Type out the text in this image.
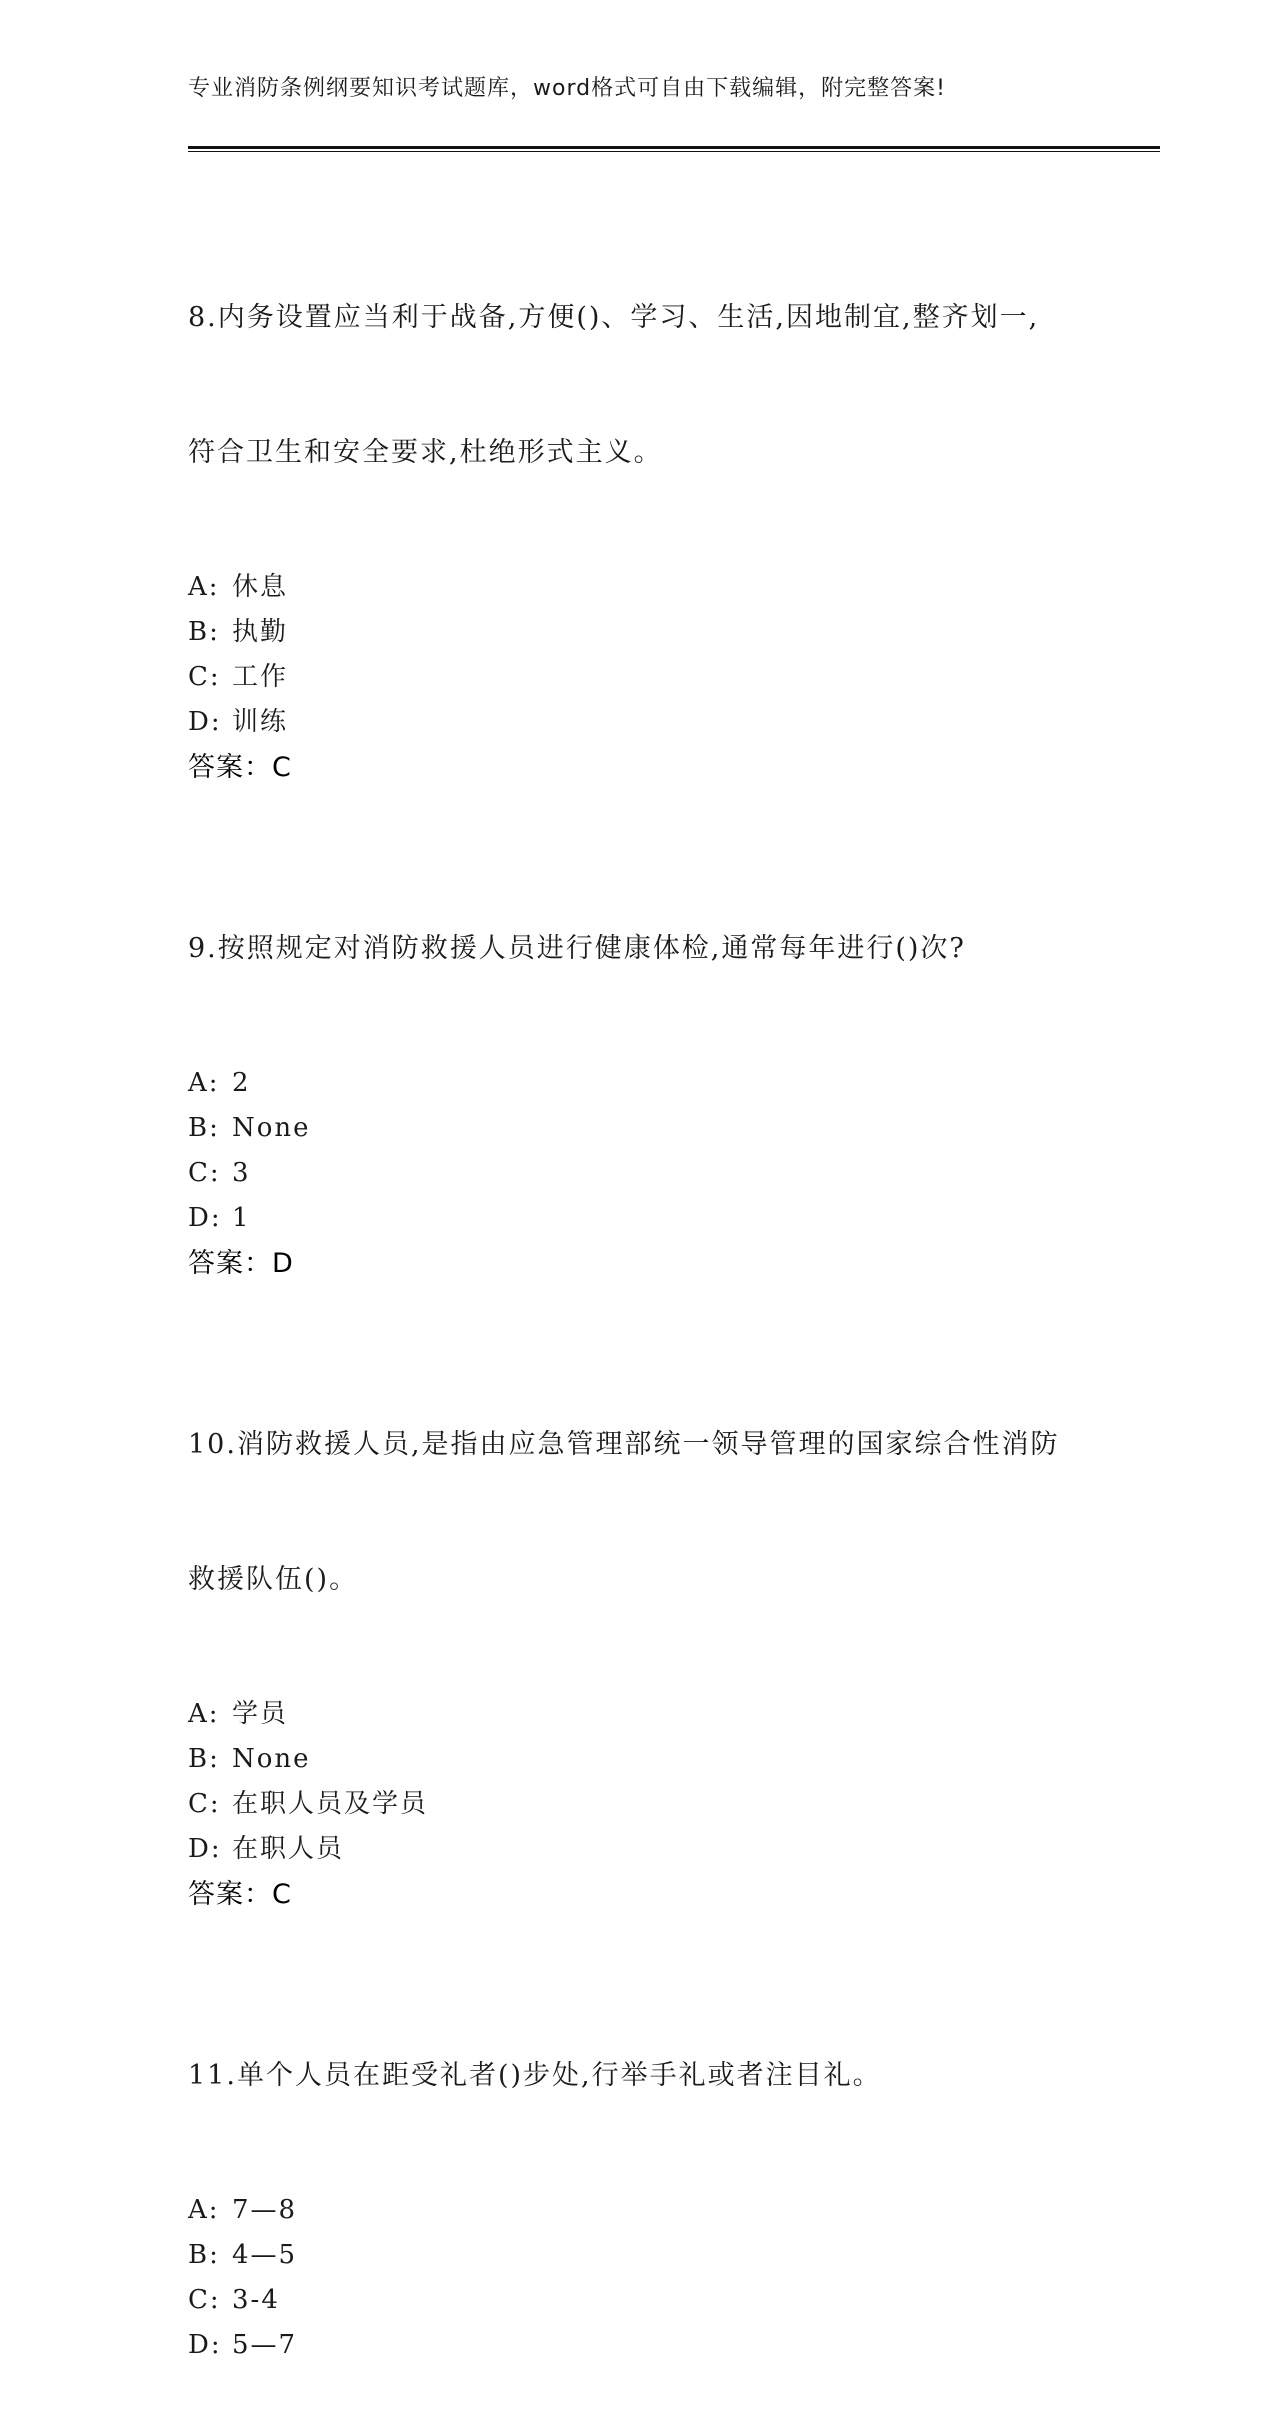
专业消防条例纲要知识考试题库，word格式可自由下载编辑，附完整答案!

8.内务设置应当利于战备,方便()、学习、生活,因地制宜,整齐划一,

符合卫生和安全要求,杜绝形式主义。

A: 休息
B: 执勤
C: 工作
D: 训练
答案：C

9.按照规定对消防救援人员进行健康体检,通常每年进行()次?

A: 2
B: None
C: 3
D: 1
答案：D

10.消防救援人员,是指由应急管理部统一领导管理的国家综合性消防

救援队伍()。

A: 学员
B: None
C: 在职人员及学员
D: 在职人员
答案：C

11.单个人员在距受礼者()步处,行举手礼或者注目礼。

A: 7—8
B: 4—5
C: 3-4
D: 5—7
